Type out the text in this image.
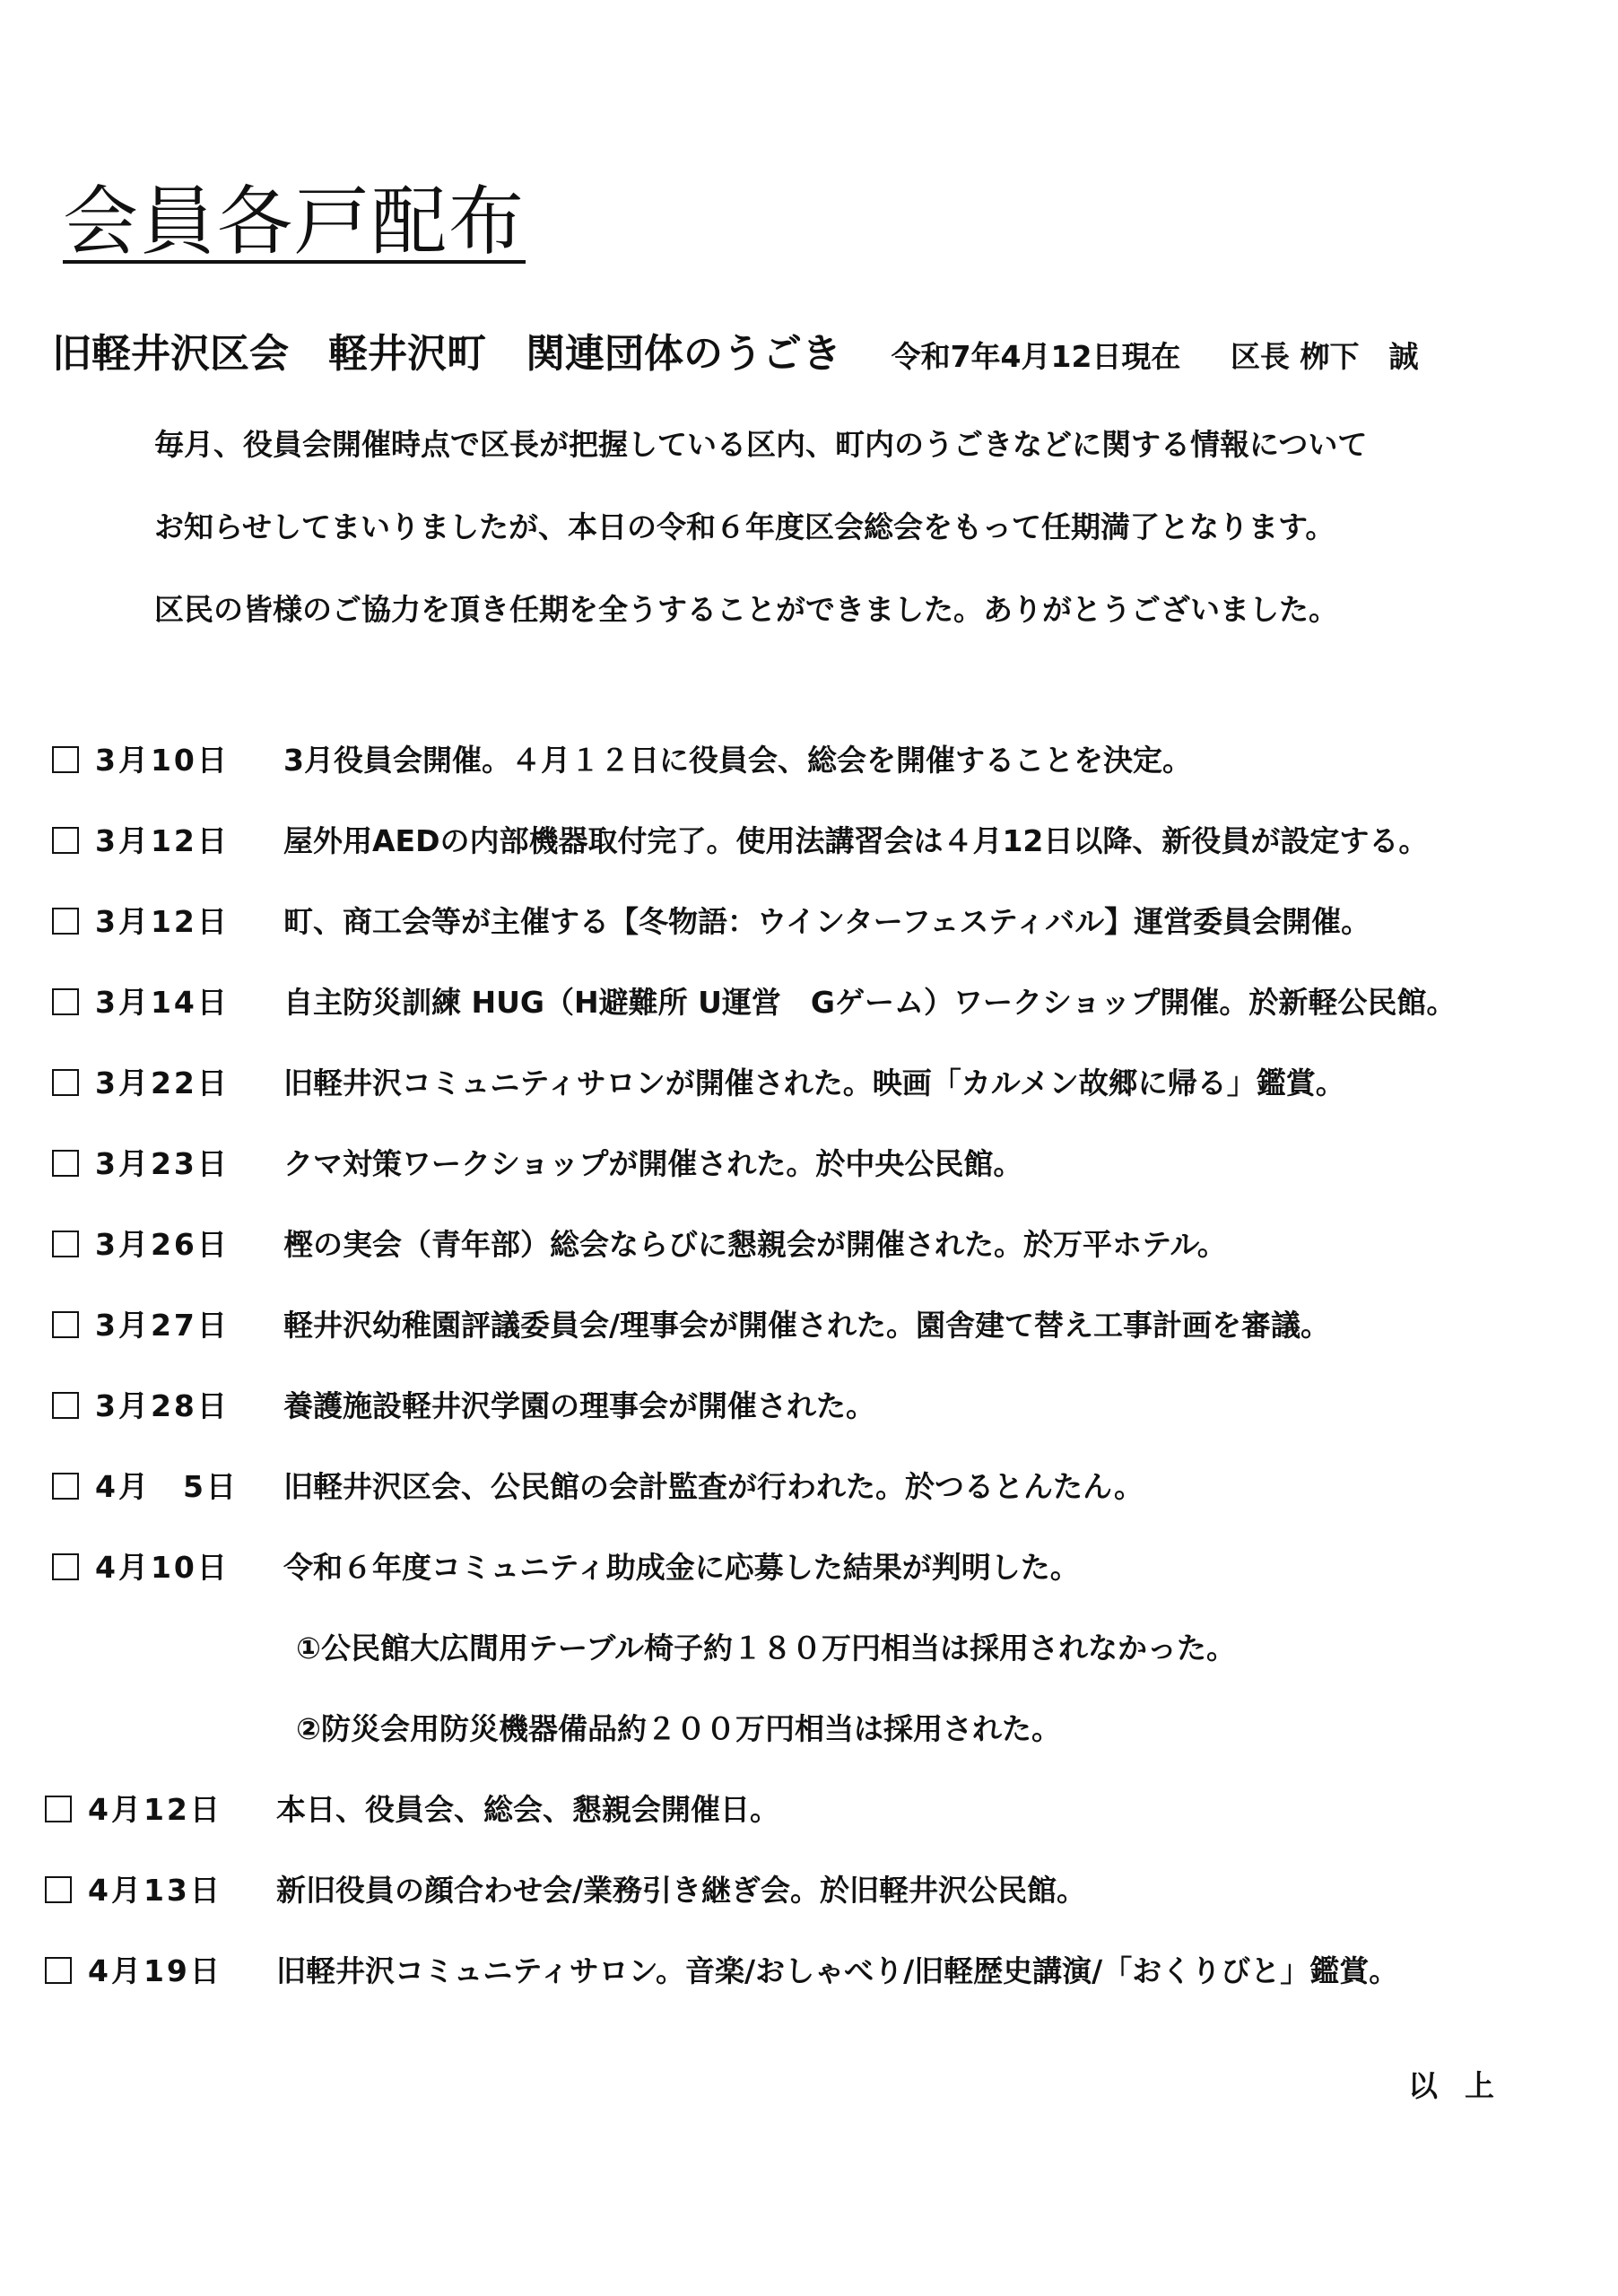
会員各戸配布
旧軽井沢区会　軽井沢町　関連団体のうごき 令和7年4月12日現在 区長 栁下　誠

毎月、役員会開催時点で区長が把握している区内、町内のうごきなどに関する情報について

お知らせしてまいりましたが、本日の令和６年度区会総会をもって任期満了となります。

区民の皆様のご協力を頂き任期を全うすることができました。ありがとうございました。

3月10日 3月役員会開催。４月１２日に役員会、総会を開催することを決定。
3月12日 屋外用AEDの内部機器取付完了。使用法講習会は４月12日以降、新役員が設定する。
3月12日 町、商工会等が主催する【冬物語：ウインターフェスティバル】運営委員会開催。
3月14日 自主防災訓練 HUG（H避難所 U運営　Gゲーム）ワークショップ開催。於新軽公民館。
3月22日 旧軽井沢コミュニティサロンが開催された。映画「カルメン故郷に帰る」鑑賞。
3月23日 クマ対策ワークショップが開催された。於中央公民館。
3月26日 樫の実会（青年部）総会ならびに懇親会が開催された。於万平ホテル。
3月27日 軽井沢幼稚園評議委員会/理事会が開催された。園舎建て替え工事計画を審議。
3月28日 養護施設軽井沢学園の理事会が開催された。
4月　5日 旧軽井沢区会、公民館の会計監査が行われた。於つるとんたん。
4月10日 令和６年度コミュニティ助成金に応募した結果が判明した。
①公民館大広間用テーブル椅子約１８０万円相当は採用されなかった。
②防災会用防災機器備品約２００万円相当は採用された。
4月12日 本日、役員会、総会、懇親会開催日。
4月13日 新旧役員の顔合わせ会/業務引き継ぎ会。於旧軽井沢公民館。
4月19日 旧軽井沢コミュニティサロン。音楽/おしゃべり/旧軽歴史講演/「おくりびと」鑑賞。
以上
